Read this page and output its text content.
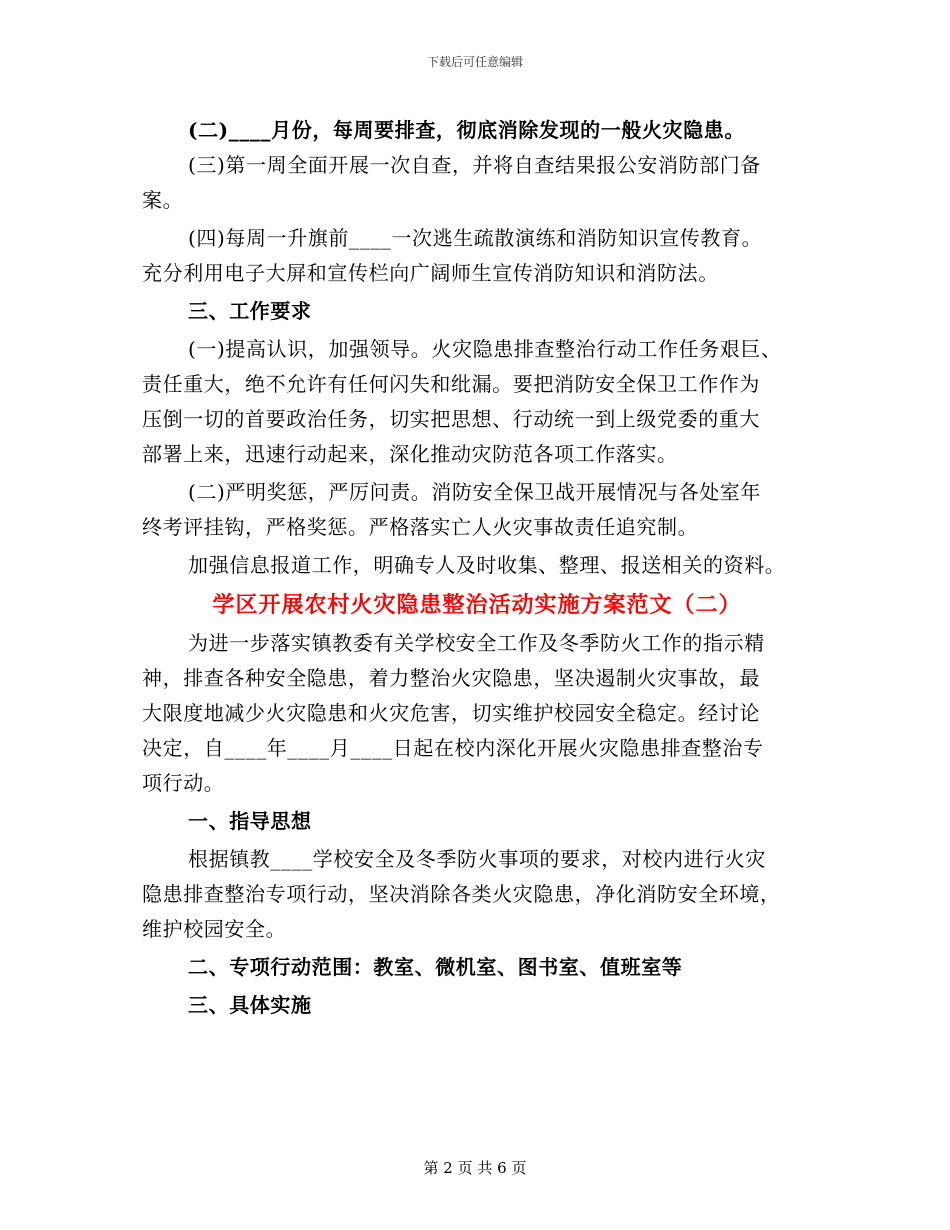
下载后可任意编辑
(二)____月份，每周要排查，彻底消除发现的一般火灾隐患。
(三)第一周全面开展一次自查，并将自查结果报公安消防部门备
案。
(四)每周一升旗前____一次逃生疏散演练和消防知识宣传教育。
充分利用电子大屏和宣传栏向广阔师生宣传消防知识和消防法。
三、工作要求
(一)提高认识，加强领导。火灾隐患排查整治行动工作任务艰巨、
责任重大，绝不允许有任何闪失和纰漏。要把消防安全保卫工作作为
压倒一切的首要政治任务，切实把思想、行动统一到上级党委的重大
部署上来，迅速行动起来，深化推动灾防范各项工作落实。
(二)严明奖惩，严厉问责。消防安全保卫战开展情况与各处室年
终考评挂钩，严格奖惩。严格落实亡人火灾事故责任追究制。
加强信息报道工作，明确专人及时收集、整理、报送相关的资料。
学区开展农村火灾隐患整治活动实施方案范文（二）
为进一步落实镇教委有关学校安全工作及冬季防火工作的指示精
神，排查各种安全隐患，着力整治火灾隐患，坚决遏制火灾事故，最
大限度地减少火灾隐患和火灾危害，切实维护校园安全稳定。经讨论
决定，自____年____月____日起在校内深化开展火灾隐患排查整治专
项行动。
一、指导思想
根据镇教____学校安全及冬季防火事项的要求，对校内进行火灾
隐患排查整治专项行动，坚决消除各类火灾隐患，净化消防安全环境，
维护校园安全。
二、专项行动范围：教室、微机室、图书室、值班室等
三、具体实施
第 2 页 共 6 页
